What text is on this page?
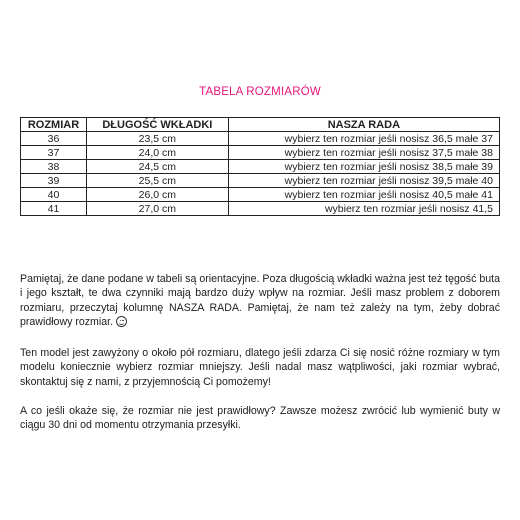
TABELA ROZMIARÓW
ROZMIAR	DŁUGOŚĆ WKŁADKI	NASZA RADA
36	23,5 cm	wybierz ten rozmiar jeśli nosisz 36,5 małe 37
37	24,0 cm	wybierz ten rozmiar jeśli nosisz 37,5 małe 38
38	24,5 cm	wybierz ten rozmiar jeśli nosisz 38,5 małe 39
39	25,5 cm	wybierz ten rozmiar jeśli nosisz 39,5 małe 40
40	26,0 cm	wybierz ten rozmiar jeśli nosisz 40,5 małe 41
41	27,0 cm	wybierz ten rozmiar jeśli nosisz 41,5

Pamiętaj, że dane podane w tabeli są orientacyjne. Poza długością wkładki ważna jest też tęgość buta i jego kształt, te dwa czynniki mają bardzo duży wpływ na rozmiar. Jeśli masz problem z doborem rozmiaru, przeczytaj kolumnę NASZA RADA. Pamiętaj, że nam też zależy na tym, żeby dobrać prawidłowy rozmiar.

Ten model jest zawyżony o około pół rozmiaru, dlatego jeśli zdarza Ci się nosić różne rozmiary w tym modelu koniecznie wybierz rozmiar mniejszy. Jeśli nadal masz wątpliwości, jaki rozmiar wybrać, skontaktuj się z nami, z przyjemnością Ci pomożemy!

A co jeśli okaże się, że rozmiar nie jest prawidłowy? Zawsze możesz zwrócić lub wymienić buty w ciągu 30 dni od momentu otrzymania przesyłki.
